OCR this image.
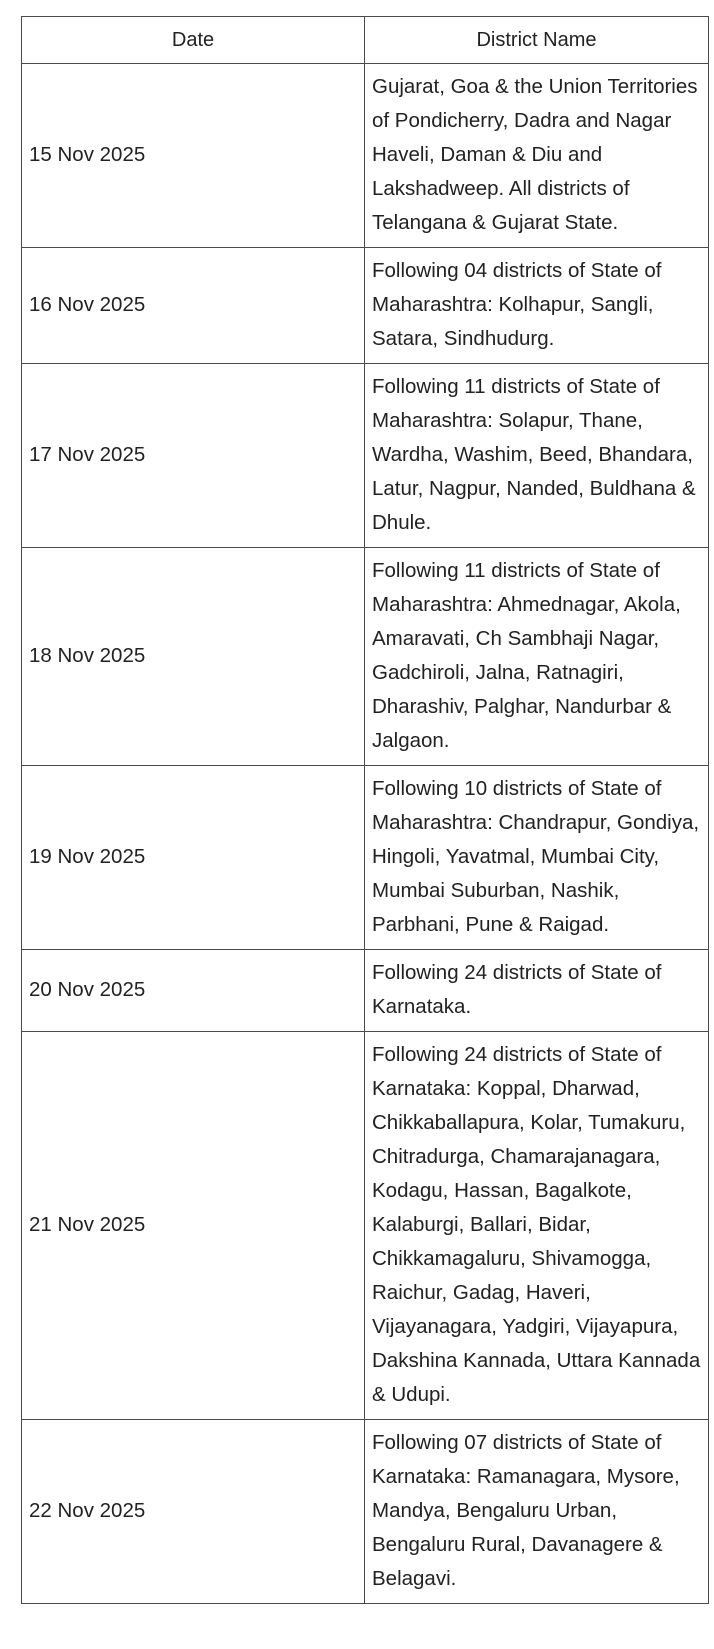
Date	District Name
15 Nov 2025	Gujarat, Goa & the Union Territories of Pondicherry, Dadra and Nagar Haveli, Daman & Diu and Lakshadweep. All districts of Telangana & Gujarat State.
16 Nov 2025	Following 04 districts of State of Maharashtra: Kolhapur, Sangli, Satara, Sindhudurg.
17 Nov 2025	Following 11 districts of State of Maharashtra: Solapur, Thane, Wardha, Washim, Beed, Bhandara, Latur, Nagpur, Nanded, Buldhana & Dhule.
18 Nov 2025	Following 11 districts of State of Maharashtra: Ahmednagar, Akola, Amaravati, Ch Sambhaji Nagar, Gadchiroli, Jalna, Ratnagiri, Dharashiv, Palghar, Nandurbar & Jalgaon.
19 Nov 2025	Following 10 districts of State of Maharashtra: Chandrapur, Gondiya, Hingoli, Yavatmal, Mumbai City, Mumbai Suburban, Nashik, Parbhani, Pune & Raigad.
20 Nov 2025	Following 24 districts of State of Karnataka.
21 Nov 2025	Following 24 districts of State of Karnataka: Koppal, Dharwad, Chikkaballapura, Kolar, Tumakuru, Chitradurga, Chamarajanagara, Kodagu, Hassan, Bagalkote, Kalaburgi, Ballari, Bidar, Chikkamagaluru, Shivamogga, Raichur, Gadag, Haveri, Vijayanagara, Yadgiri, Vijayapura, Dakshina Kannada, Uttara Kannada & Udupi.
22 Nov 2025	Following 07 districts of State of Karnataka: Ramanagara, Mysore, Mandya, Bengaluru Urban, Bengaluru Rural, Davanagere & Belagavi.
